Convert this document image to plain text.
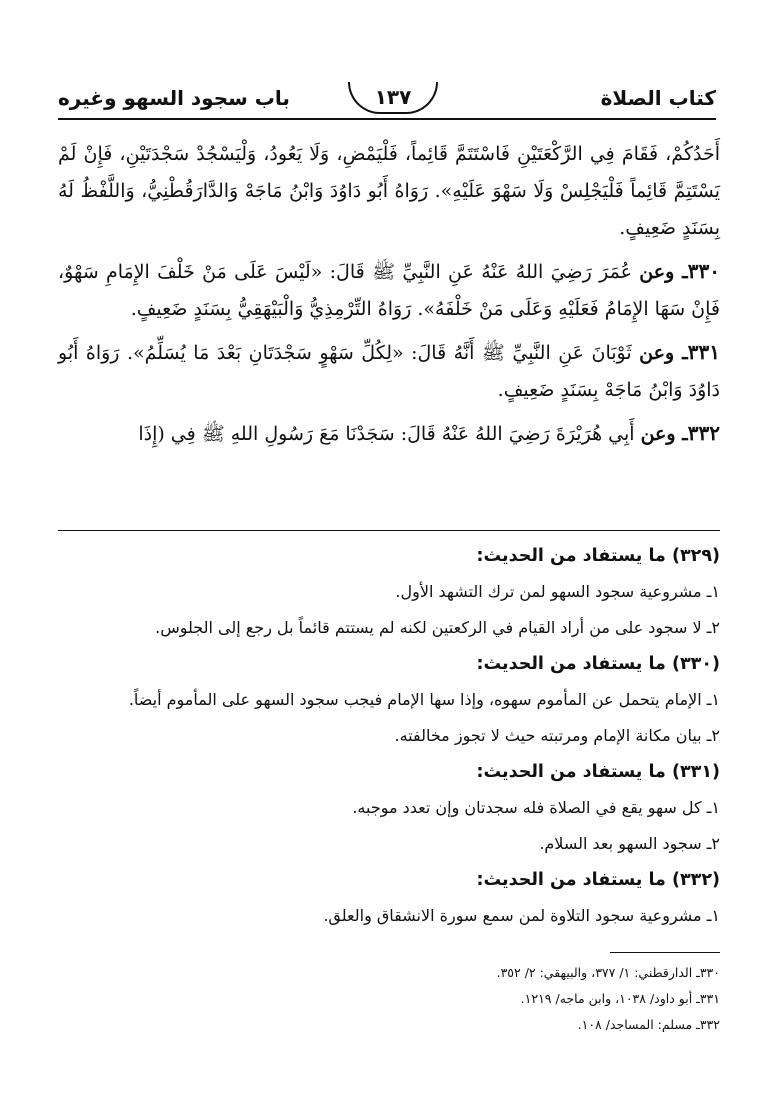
كتاب الصلاة
١٣٧
باب سجود السهو وغيره

أَحَدُكُمْ، فَقَامَ فِي الرَّكْعَتَيْنِ فَاسْتَتَمَّ قَائِماً، فَلْيَمْضِ، وَلَا يَعُودُ، وَلْيَسْجُدْ سَجْدَتَيْنِ، فَإِنْ لَمْ يَسْتَتِمَّ قَائِماً فَلْيَجْلِسْ وَلَا سَهْوَ عَلَيْهِ». رَوَاهُ أَبُو دَاوُدَ وَابْنُ مَاجَهْ وَالدَّارَقُطْنِيُّ، وَاللَّفْظُ لَهُ بِسَنَدٍ ضَعِيفٍ.

٣٣٠ـ وعن عُمَرَ رَضِيَ اللهُ عَنْهُ عَنِ النَّبِيِّ ﷺ قَالَ: «لَيْسَ عَلَى مَنْ خَلْفَ الإِمَامِ سَهْوٌ، فَإِنْ سَهَا الإِمَامُ فَعَلَيْهِ وَعَلَى مَنْ خَلْفَهُ». رَوَاهُ التِّرْمِذِيُّ وَالْبَيْهَقِيُّ بِسَنَدٍ ضَعِيفٍ.

٣٣١ـ وعن ثَوْبَانَ عَنِ النَّبِيِّ ﷺ أَنَّهُ قَالَ: «لِكُلِّ سَهْوٍ سَجْدَتَانِ بَعْدَ مَا يُسَلِّمُ». رَوَاهُ أَبُو دَاوُدَ وَابْنُ مَاجَهْ بِسَنَدٍ ضَعِيفٍ.

٣٣٢ـ وعن أَبِي هُرَيْرَةَ رَضِيَ اللهُ عَنْهُ قَالَ: سَجَدْنَا مَعَ رَسُولِ اللهِ ﷺ فِي (إِذَا

(٣٢٩) ما يستفاد من الحديث:

١ـ مشروعية سجود السهو لمن ترك التشهد الأول.

٢ـ لا سجود على من أراد القيام في الركعتين لكنه لم يستتم قائماً بل رجع إلى الجلوس.

(٣٣٠) ما يستفاد من الحديث:

١ـ الإمام يتحمل عن المأموم سهوه، وإذا سها الإمام فيجب سجود السهو على المأموم أيضاً.

٢ـ بيان مكانة الإمام ومرتبته حيث لا تجوز مخالفته.

(٣٣١) ما يستفاد من الحديث:

١ـ كل سهو يقع في الصلاة فله سجدتان وإن تعدد موجبه.

٢ـ سجود السهو بعد السلام.

(٣٣٢) ما يستفاد من الحديث:

١ـ مشروعية سجود التلاوة لمن سمع سورة الانشقاق والعلق.

٣٣٠ـ الدارقطني: ١/ ٣٧٧، والبيهقي: ٢/ ٣٥٢.

٣٣١ـ أبو داود/ ١٠٣٨، وابن ماجه/ ١٢١٩.

٣٣٢ـ مسلم: المساجد/ ١٠٨.
